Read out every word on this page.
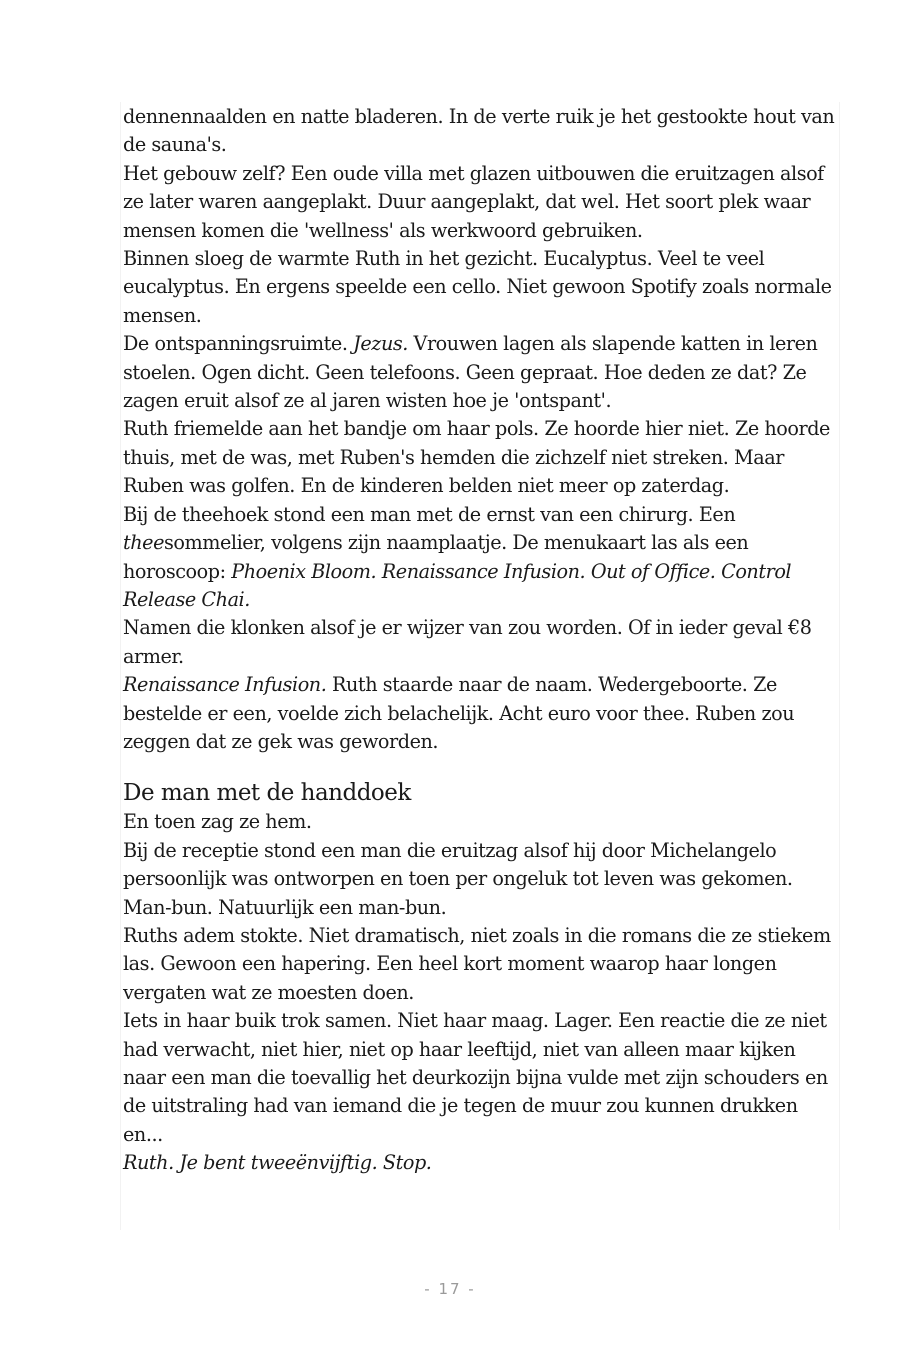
dennennaalden en natte bladeren. In de verte ruik je het gestookte hout van de sauna's.

Het gebouw zelf? Een oude villa met glazen uitbouwen die eruitzagen alsof ze later waren aangeplakt. Duur aangeplakt, dat wel. Het soort plek waar mensen komen die 'wellness' als werkwoord gebruiken.

Binnen sloeg de warmte Ruth in het gezicht. Eucalyptus. Veel te veel eucalyptus. En ergens speelde een cello. Niet gewoon Spotify zoals normale mensen.

De ontspanningsruimte. Jezus. Vrouwen lagen als slapende katten in leren stoelen. Ogen dicht. Geen telefoons. Geen gepraat. Hoe deden ze dat? Ze zagen eruit alsof ze al jaren wisten hoe je 'ontspant'.

Ruth friemelde aan het bandje om haar pols. Ze hoorde hier niet. Ze hoorde thuis, met de was, met Ruben's hemden die zichzelf niet streken. Maar Ruben was golfen. En de kinderen belden niet meer op zaterdag.

Bij de theehoek stond een man met de ernst van een chirurg. Een theesommelier, volgens zijn naamplaatje. De menukaart las als een horoscoop: Phoenix Bloom. Renaissance Infusion. Out of Office. Control Release Chai.

Namen die klonken alsof je er wijzer van zou worden. Of in ieder geval €8 armer.

Renaissance Infusion. Ruth staarde naar de naam. Wedergeboorte. Ze bestelde er een, voelde zich belachelijk. Acht euro voor thee. Ruben zou zeggen dat ze gek was geworden.

De man met de handdoek

En toen zag ze hem.

Bij de receptie stond een man die eruitzag alsof hij door Michelangelo persoonlijk was ontworpen en toen per ongeluk tot leven was gekomen. Man-bun. Natuurlijk een man-bun.

Ruths adem stokte. Niet dramatisch, niet zoals in die romans die ze stiekem las. Gewoon een hapering. Een heel kort moment waarop haar longen vergaten wat ze moesten doen.

Iets in haar buik trok samen. Niet haar maag. Lager. Een reactie die ze niet had verwacht, niet hier, niet op haar leeftijd, niet van alleen maar kijken naar een man die toevallig het deurkozijn bijna vulde met zijn schouders en de uitstraling had van iemand die je tegen de muur zou kunnen drukken en...

Ruth. Je bent tweeënvijftig. Stop.

- 17 -
